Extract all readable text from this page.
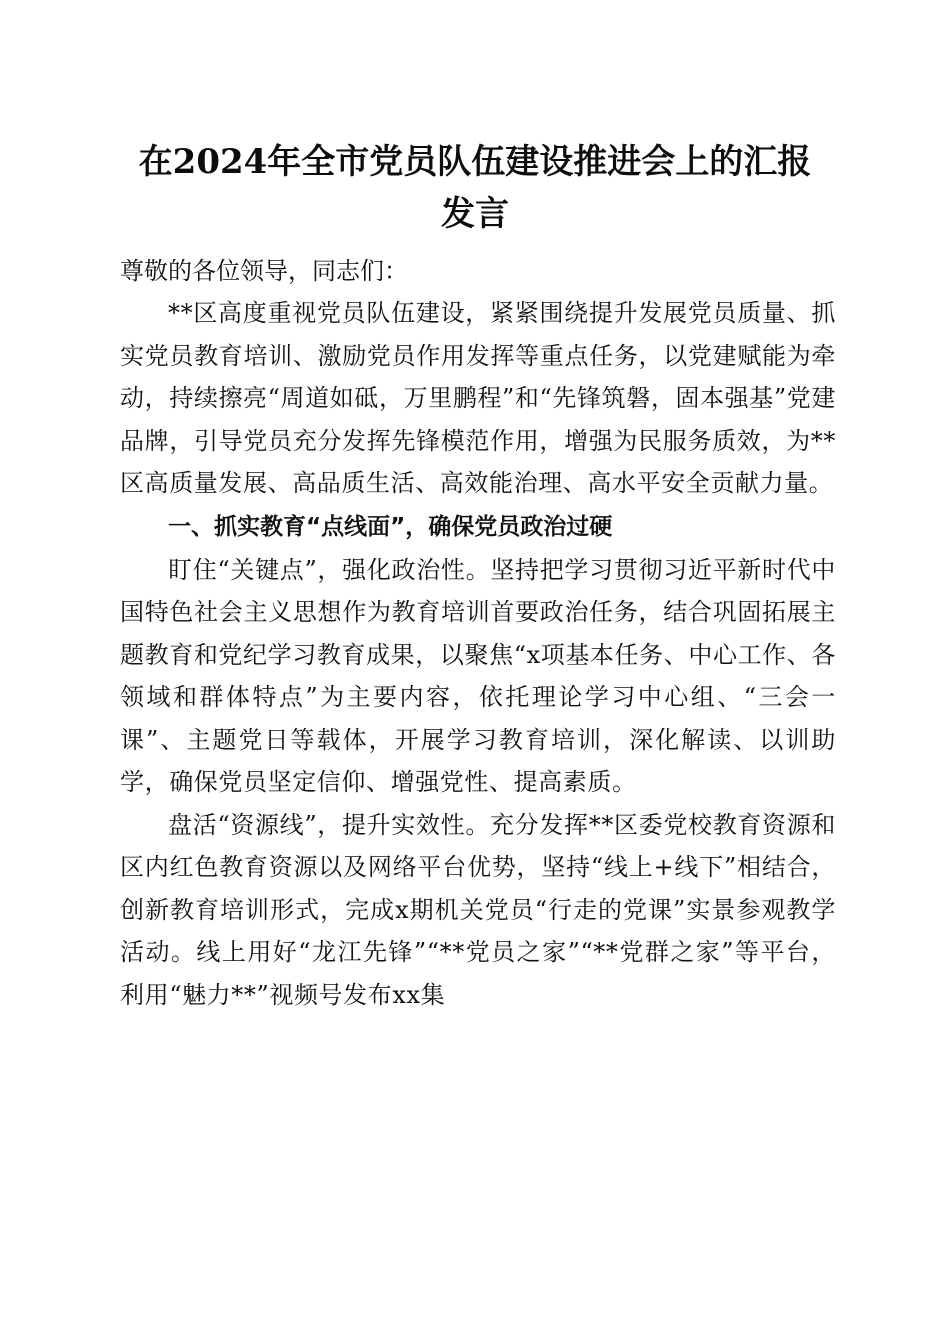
在2024年全市党员队伍建设推进会上的汇报
发言

尊敬的各位领导，同志们：

**区高度重视党员队伍建设，紧紧围绕提升发展党员质量、抓实党员教育培训、激励党员作用发挥等重点任务，以党建赋能为牵动，持续擦亮“周道如砥，万里鹏程”和“先锋筑磐，固本强基”党建品牌，引导党员充分发挥先锋模范作用，增强为民服务质效，为**区高质量发展、高品质生活、高效能治理、高水平安全贡献力量。

一、抓实教育“点线面”，确保党员政治过硬

盯住“关键点”，强化政治性。坚持把学习贯彻习近平新时代中国特色社会主义思想作为教育培训首要政治任务，结合巩固拓展主题教育和党纪学习教育成果，以聚焦“x项基本任务、中心工作、各领域和群体特点”为主要内容，依托理论学习中心组、“三会一课”、主题党日等载体，开展学习教育培训，深化解读、以训助学，确保党员坚定信仰、增强党性、提高素质。

盘活“资源线”，提升实效性。充分发挥**区委党校教育资源和区内红色教育资源以及网络平台优势，坚持“线上+线下”相结合，创新教育培训形式，完成x期机关党员“行走的党课”实景参观教学活动。线上用好“龙江先锋”“**党员之家”“**党群之家”等平台，利用“魅力**”视频号发布xx集
